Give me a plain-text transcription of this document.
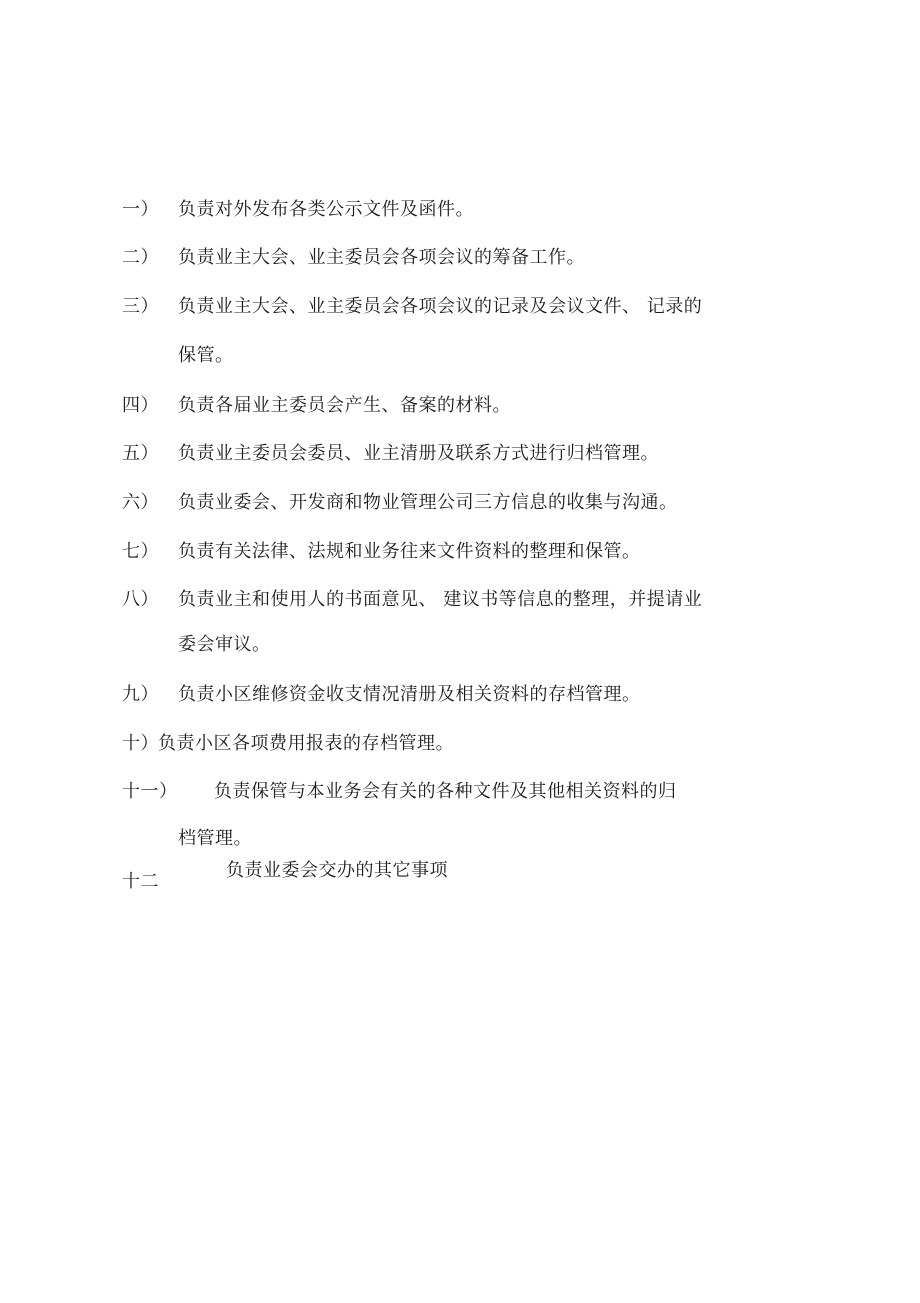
一） 负责对外发布各类公示文件及函件。
二） 负责业主大会、业主委员会各项会议的筹备工作。
三） 负责业主大会、业主委员会各项会议的记录及会议文件、 记录的
保管。
四） 负责各届业主委员会产生、备案的材料。
五） 负责业主委员会委员、业主清册及联系方式进行归档管理。
六） 负责业委会、开发商和物业管理公司三方信息的收集与沟通。
七） 负责有关法律、法规和业务往来文件资料的整理和保管。
八） 负责业主和使用人的书面意见、 建议书等信息的整理，并提请业
委会审议。
九） 负责小区维修资金收支情况清册及相关资料的存档管理。
十） 负责小区各项费用报表的存档管理。
十一） 负责保管与本业务会有关的各种文件及其他相关资料的归
档管理。
十二
负责业委会交办的其它事项
